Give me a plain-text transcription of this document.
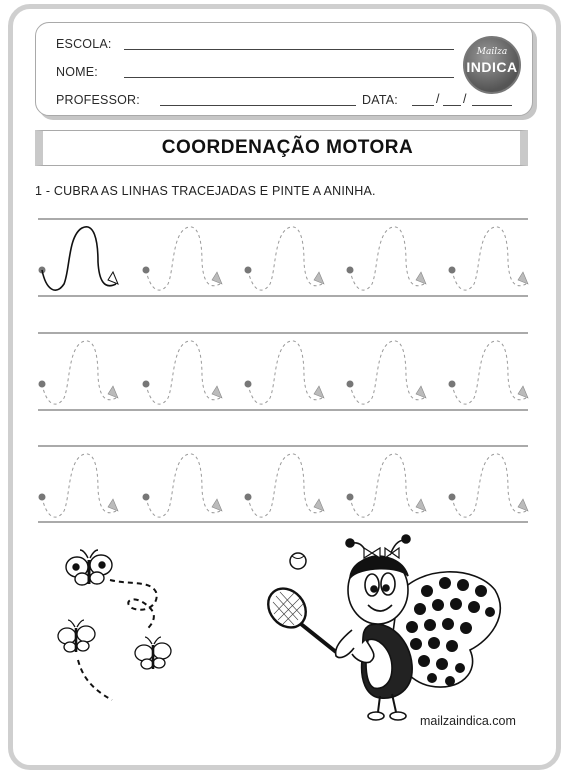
ESCOLA:
NOME:
PROFESSOR:	DATA:	/ /
Mailza
INDICA
COORDENAÇÃO MOTORA
1 - CUBRA AS LINHAS TRACEJADAS E PINTE A ANINHA.
mailzaindica.com
